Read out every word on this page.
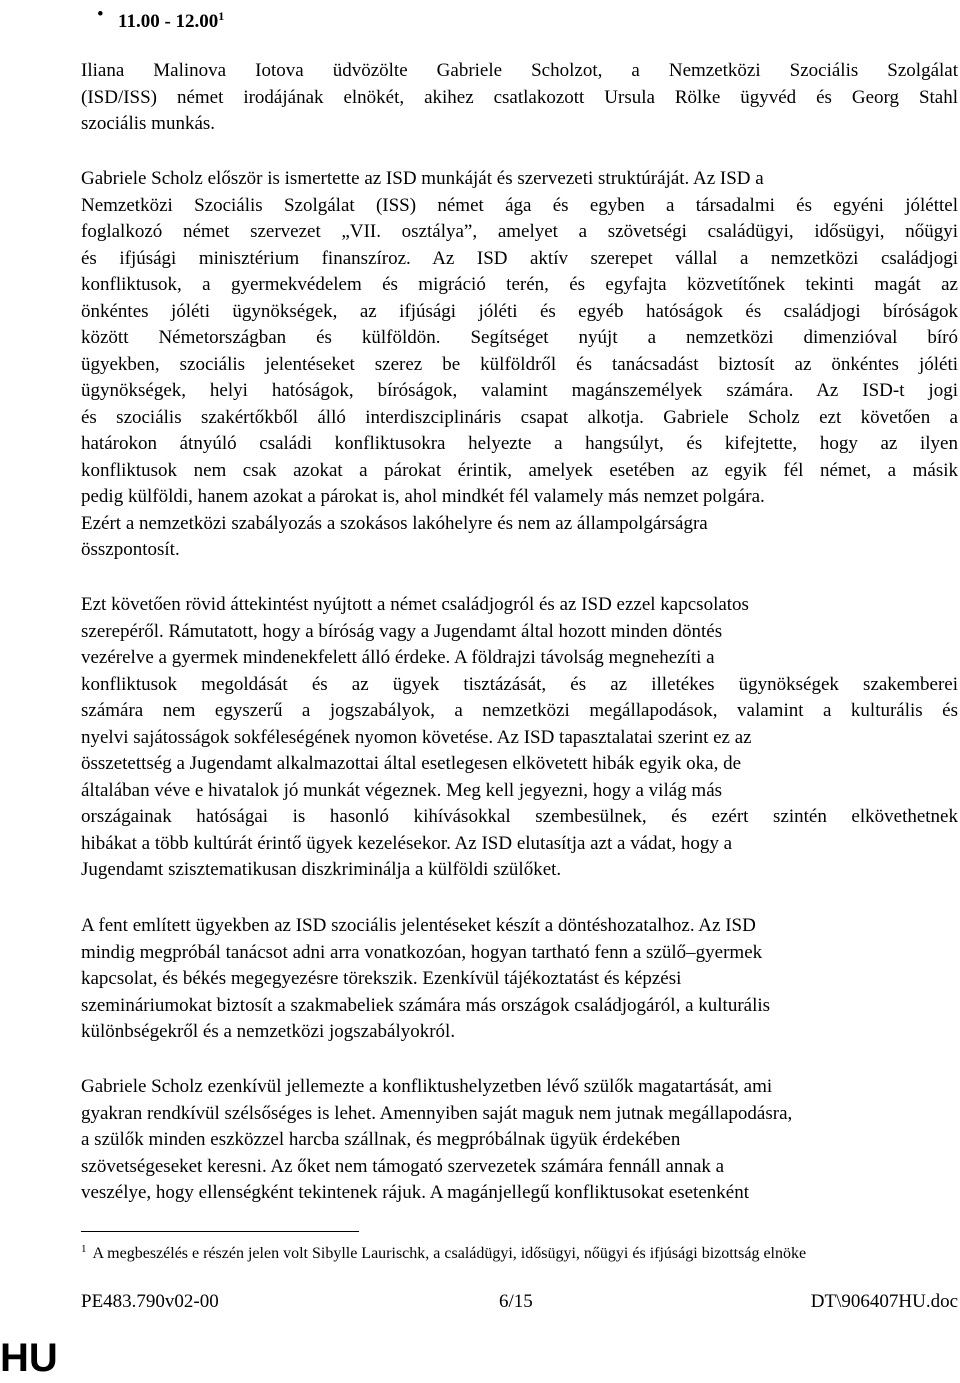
• 11.00 - 12.00$^1$
Iliana Malinova Iotova üdvözölte Gabriele Scholzot, a Nemzetközi Szociális Szolgálat
(ISD/ISS) német irodájának elnökét, akihez csatlakozott Ursula Rölke ügyvéd és Georg Stahl
szociális munkás.
Gabriele Scholz először is ismertette az ISD munkáját és szervezeti struktúráját. Az ISD a
Nemzetközi Szociális Szolgálat (ISS) német ága és egyben a társadalmi és egyéni jóléttel
foglalkozó német szervezet „VII. osztálya”, amelyet a szövetségi családügyi, idősügyi, nőügyi
és ifjúsági minisztérium finanszíroz. Az ISD aktív szerepet vállal a nemzetközi családjogi
konfliktusok, a gyermekvédelem és migráció terén, és egyfajta közvetítőnek tekinti magát az
önkéntes jóléti ügynökségek, az ifjúsági jóléti és egyéb hatóságok és családjogi bíróságok
között Németországban és külföldön. Segítséget nyújt a nemzetközi dimenzióval bíró
ügyekben, szociális jelentéseket szerez be külföldről és tanácsadást biztosít az önkéntes jóléti
ügynökségek, helyi hatóságok, bíróságok, valamint magánszemélyek számára. Az ISD-t jogi
és szociális szakértőkből álló interdiszciplináris csapat alkotja. Gabriele Scholz ezt követően a
határokon átnyúló családi konfliktusokra helyezte a hangsúlyt, és kifejtette, hogy az ilyen
konfliktusok nem csak azokat a párokat érintik, amelyek esetében az egyik fél német, a másik
pedig külföldi, hanem azokat a párokat is, ahol mindkét fél valamely más nemzet polgára.
Ezért a nemzetközi szabályozás a szokásos lakóhelyre és nem az állampolgárságra
összpontosít.
Ezt követően rövid áttekintést nyújtott a német családjogról és az ISD ezzel kapcsolatos
szerepéről. Rámutatott, hogy a bíróság vagy a Jugendamt által hozott minden döntés
vezérelve a gyermek mindenekfelett álló érdeke. A földrajzi távolság megnehezíti a
konfliktusok megoldását és az ügyek tisztázását, és az illetékes ügynökségek szakemberei
számára nem egyszerű a jogszabályok, a nemzetközi megállapodások, valamint a kulturális és
nyelvi sajátosságok sokféleségének nyomon követése. Az ISD tapasztalatai szerint ez az
összetettség a Jugendamt alkalmazottai által esetlegesen elkövetett hibák egyik oka, de
általában véve e hivatalok jó munkát végeznek. Meg kell jegyezni, hogy a világ más
országainak hatóságai is hasonló kihívásokkal szembesülnek, és ezért szintén elkövethetnek
hibákat a több kultúrát érintő ügyek kezelésekor. Az ISD elutasítja azt a vádat, hogy a
Jugendamt szisztematikusan diszkriminálja a külföldi szülőket.
A fent említett ügyekben az ISD szociális jelentéseket készít a döntéshozatalhoz. Az ISD
mindig megpróbál tanácsot adni arra vonatkozóan, hogyan tartható fenn a szülő–gyermek
kapcsolat, és békés megegyezésre törekszik. Ezenkívül tájékoztatást és képzési
szemináriumokat biztosít a szakmabeliek számára más országok családjogáról, a kulturális
különbségekről és a nemzetközi jogszabályokról.
Gabriele Scholz ezenkívül jellemezte a konfliktushelyzetben lévő szülők magatartását, ami
gyakran rendkívül szélsőséges is lehet. Amennyiben saját maguk nem jutnak megállapodásra,
a szülők minden eszközzel harcba szállnak, és megpróbálnak ügyük érdekében
szövetségeseket keresni. Az őket nem támogató szervezetek számára fennáll annak a
veszélye, hogy ellenségként tekintenek rájuk. A magánjellegű konfliktusokat esetenként
$^1$ A megbeszélés e részén jelen volt Sibylle Laurischk, a családügyi, idősügyi, nőügyi és ifjúsági bizottság elnöke
PE483.790v02-00	6/15	DT\906407HU.doc
HU
